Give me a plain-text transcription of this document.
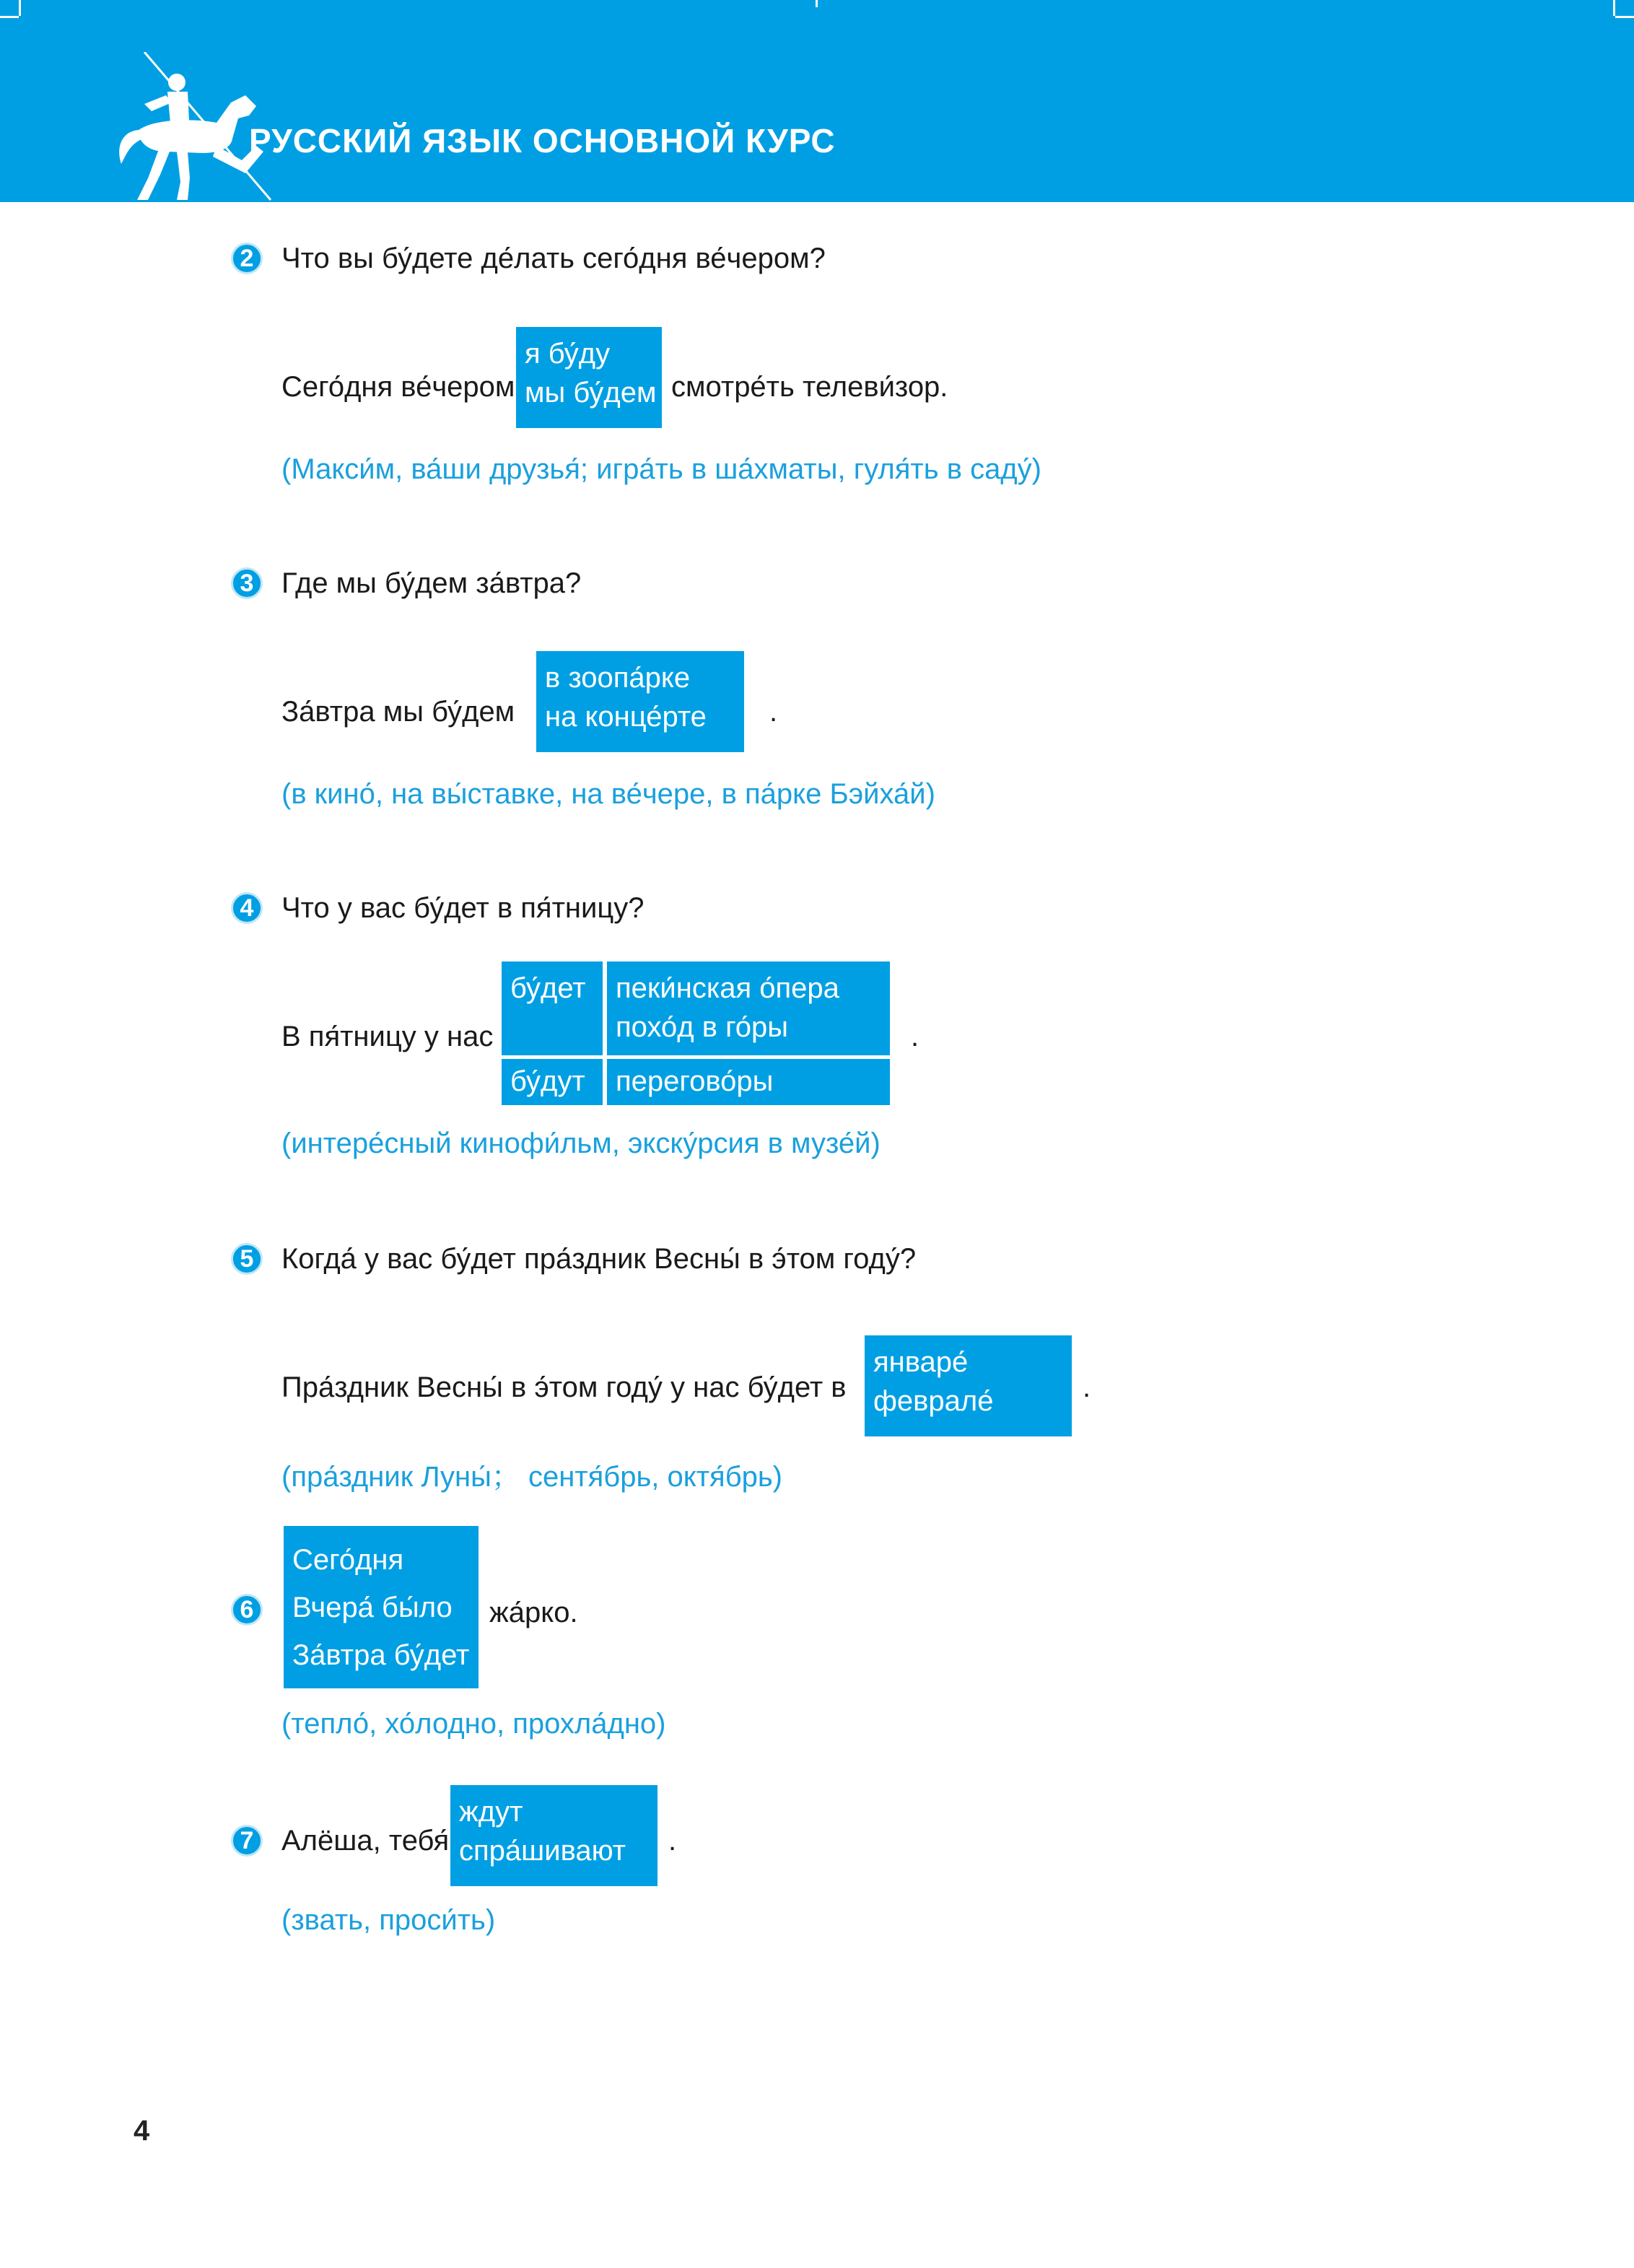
РУССКИЙ ЯЗЫК ОСНОВНОЙ КУРС
2 Что вы бу́дете де́лать сего́дня ве́чером?
Сего́дня ве́чером
я бу́ду
мы бу́дем смотре́ть телеви́зор.
(Макси́м, ва́ши друзья́; игра́ть в ша́хматы, гуля́ть в саду́)
3 Где мы бу́дем за́втра?
За́втра мы бу́дем
в зоопа́рке
на конце́рте	.
(в кино́, на вы́ставке, на ве́чере, в па́рке Бэйха́й)
4 Что у вас бу́дет в пя́тницу?
В пя́тницу у нас
бу́дет пеки́нская о́пера
похо́д в го́ры
бу́дут	перегово́ры
.
(интере́сный кинофи́льм, экску́рсия в музе́й)
5 Когда́ у вас бу́дет пра́здник Весны́ в э́том году́?
Пра́здник Весны́ в э́том году́ у нас бу́дет в
январе́
феврале́	.
(пра́здник Луны́； сентя́брь, октя́брь)
6
Сего́дня
Вчера́ бы́ло
За́втра бу́дет
жа́рко.
(тепло́, хо́лодно, прохла́дно)
7 Алёша, тебя́
ждут
спра́шивают	.
(звать, проси́ть)
4
